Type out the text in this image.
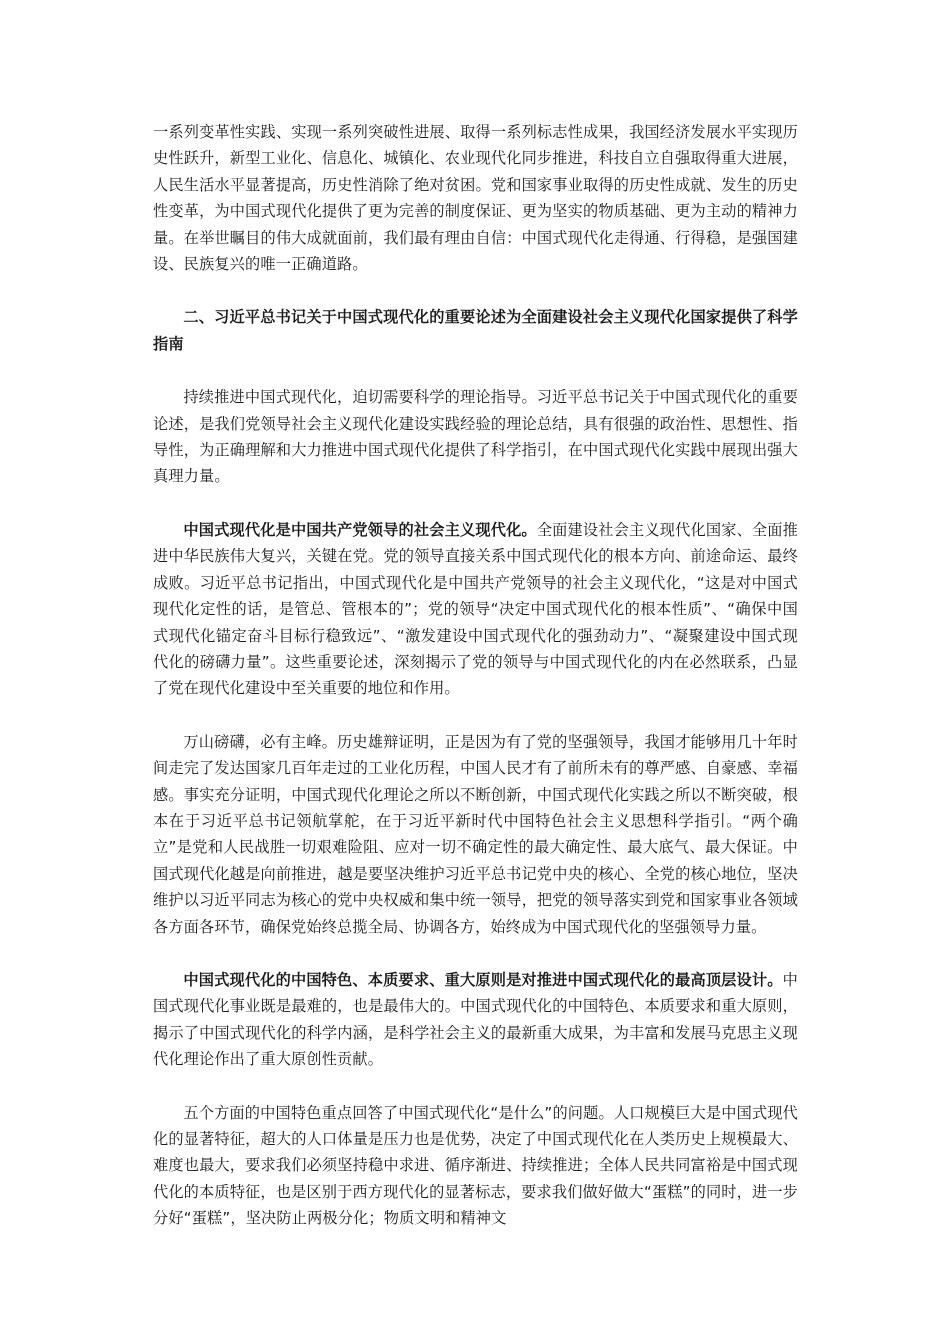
一系列变革性实践、实现一系列突破性进展、取得一系列标志性成果，我国经济发展水平实现历史性跃升，新型工业化、信息化、城镇化、农业现代化同步推进，科技自立自强取得重大进展，人民生活水平显著提高，历史性消除了绝对贫困。党和国家事业取得的历史性成就、发生的历史性变革，为中国式现代化提供了更为完善的制度保证、更为坚实的物质基础、更为主动的精神力量。在举世瞩目的伟大成就面前，我们最有理由自信：中国式现代化走得通、行得稳，是强国建设、民族复兴的唯一正确道路。

二、习近平总书记关于中国式现代化的重要论述为全面建设社会主义现代化国家提供了科学指南

持续推进中国式现代化，迫切需要科学的理论指导。习近平总书记关于中国式现代化的重要论述，是我们党领导社会主义现代化建设实践经验的理论总结，具有很强的政治性、思想性、指导性，为正确理解和大力推进中国式现代化提供了科学指引，在中国式现代化实践中展现出强大真理力量。

中国式现代化是中国共产党领导的社会主义现代化。全面建设社会主义现代化国家、全面推进中华民族伟大复兴，关键在党。党的领导直接关系中国式现代化的根本方向、前途命运、最终成败。习近平总书记指出，中国式现代化是中国共产党领导的社会主义现代化，“这是对中国式现代化定性的话，是管总、管根本的”；党的领导“决定中国式现代化的根本性质”、“确保中国式现代化锚定奋斗目标行稳致远”、“激发建设中国式现代化的强劲动力”、“凝聚建设中国式现代化的磅礴力量”。这些重要论述，深刻揭示了党的领导与中国式现代化的内在必然联系，凸显了党在现代化建设中至关重要的地位和作用。

万山磅礴，必有主峰。历史雄辩证明，正是因为有了党的坚强领导，我国才能够用几十年时间走完了发达国家几百年走过的工业化历程，中国人民才有了前所未有的尊严感、自豪感、幸福感。事实充分证明，中国式现代化理论之所以不断创新，中国式现代化实践之所以不断突破，根本在于习近平总书记领航掌舵，在于习近平新时代中国特色社会主义思想科学指引。“两个确立”是党和人民战胜一切艰难险阻、应对一切不确定性的最大确定性、最大底气、最大保证。中国式现代化越是向前推进，越是要坚决维护习近平总书记党中央的核心、全党的核心地位，坚决维护以习近平同志为核心的党中央权威和集中统一领导，把党的领导落实到党和国家事业各领域各方面各环节，确保党始终总揽全局、协调各方，始终成为中国式现代化的坚强领导力量。

中国式现代化的中国特色、本质要求、重大原则是对推进中国式现代化的最高顶层设计。中国式现代化事业既是最难的，也是最伟大的。中国式现代化的中国特色、本质要求和重大原则，揭示了中国式现代化的科学内涵，是科学社会主义的最新重大成果，为丰富和发展马克思主义现代化理论作出了重大原创性贡献。

五个方面的中国特色重点回答了中国式现代化“是什么”的问题。人口规模巨大是中国式现代化的显著特征，超大的人口体量是压力也是优势，决定了中国式现代化在人类历史上规模最大、难度也最大，要求我们必须坚持稳中求进、循序渐进、持续推进；全体人民共同富裕是中国式现代化的本质特征，也是区别于西方现代化的显著标志，要求我们做好做大“蛋糕”的同时，进一步分好“蛋糕”，坚决防止两极分化；物质文明和精神文
